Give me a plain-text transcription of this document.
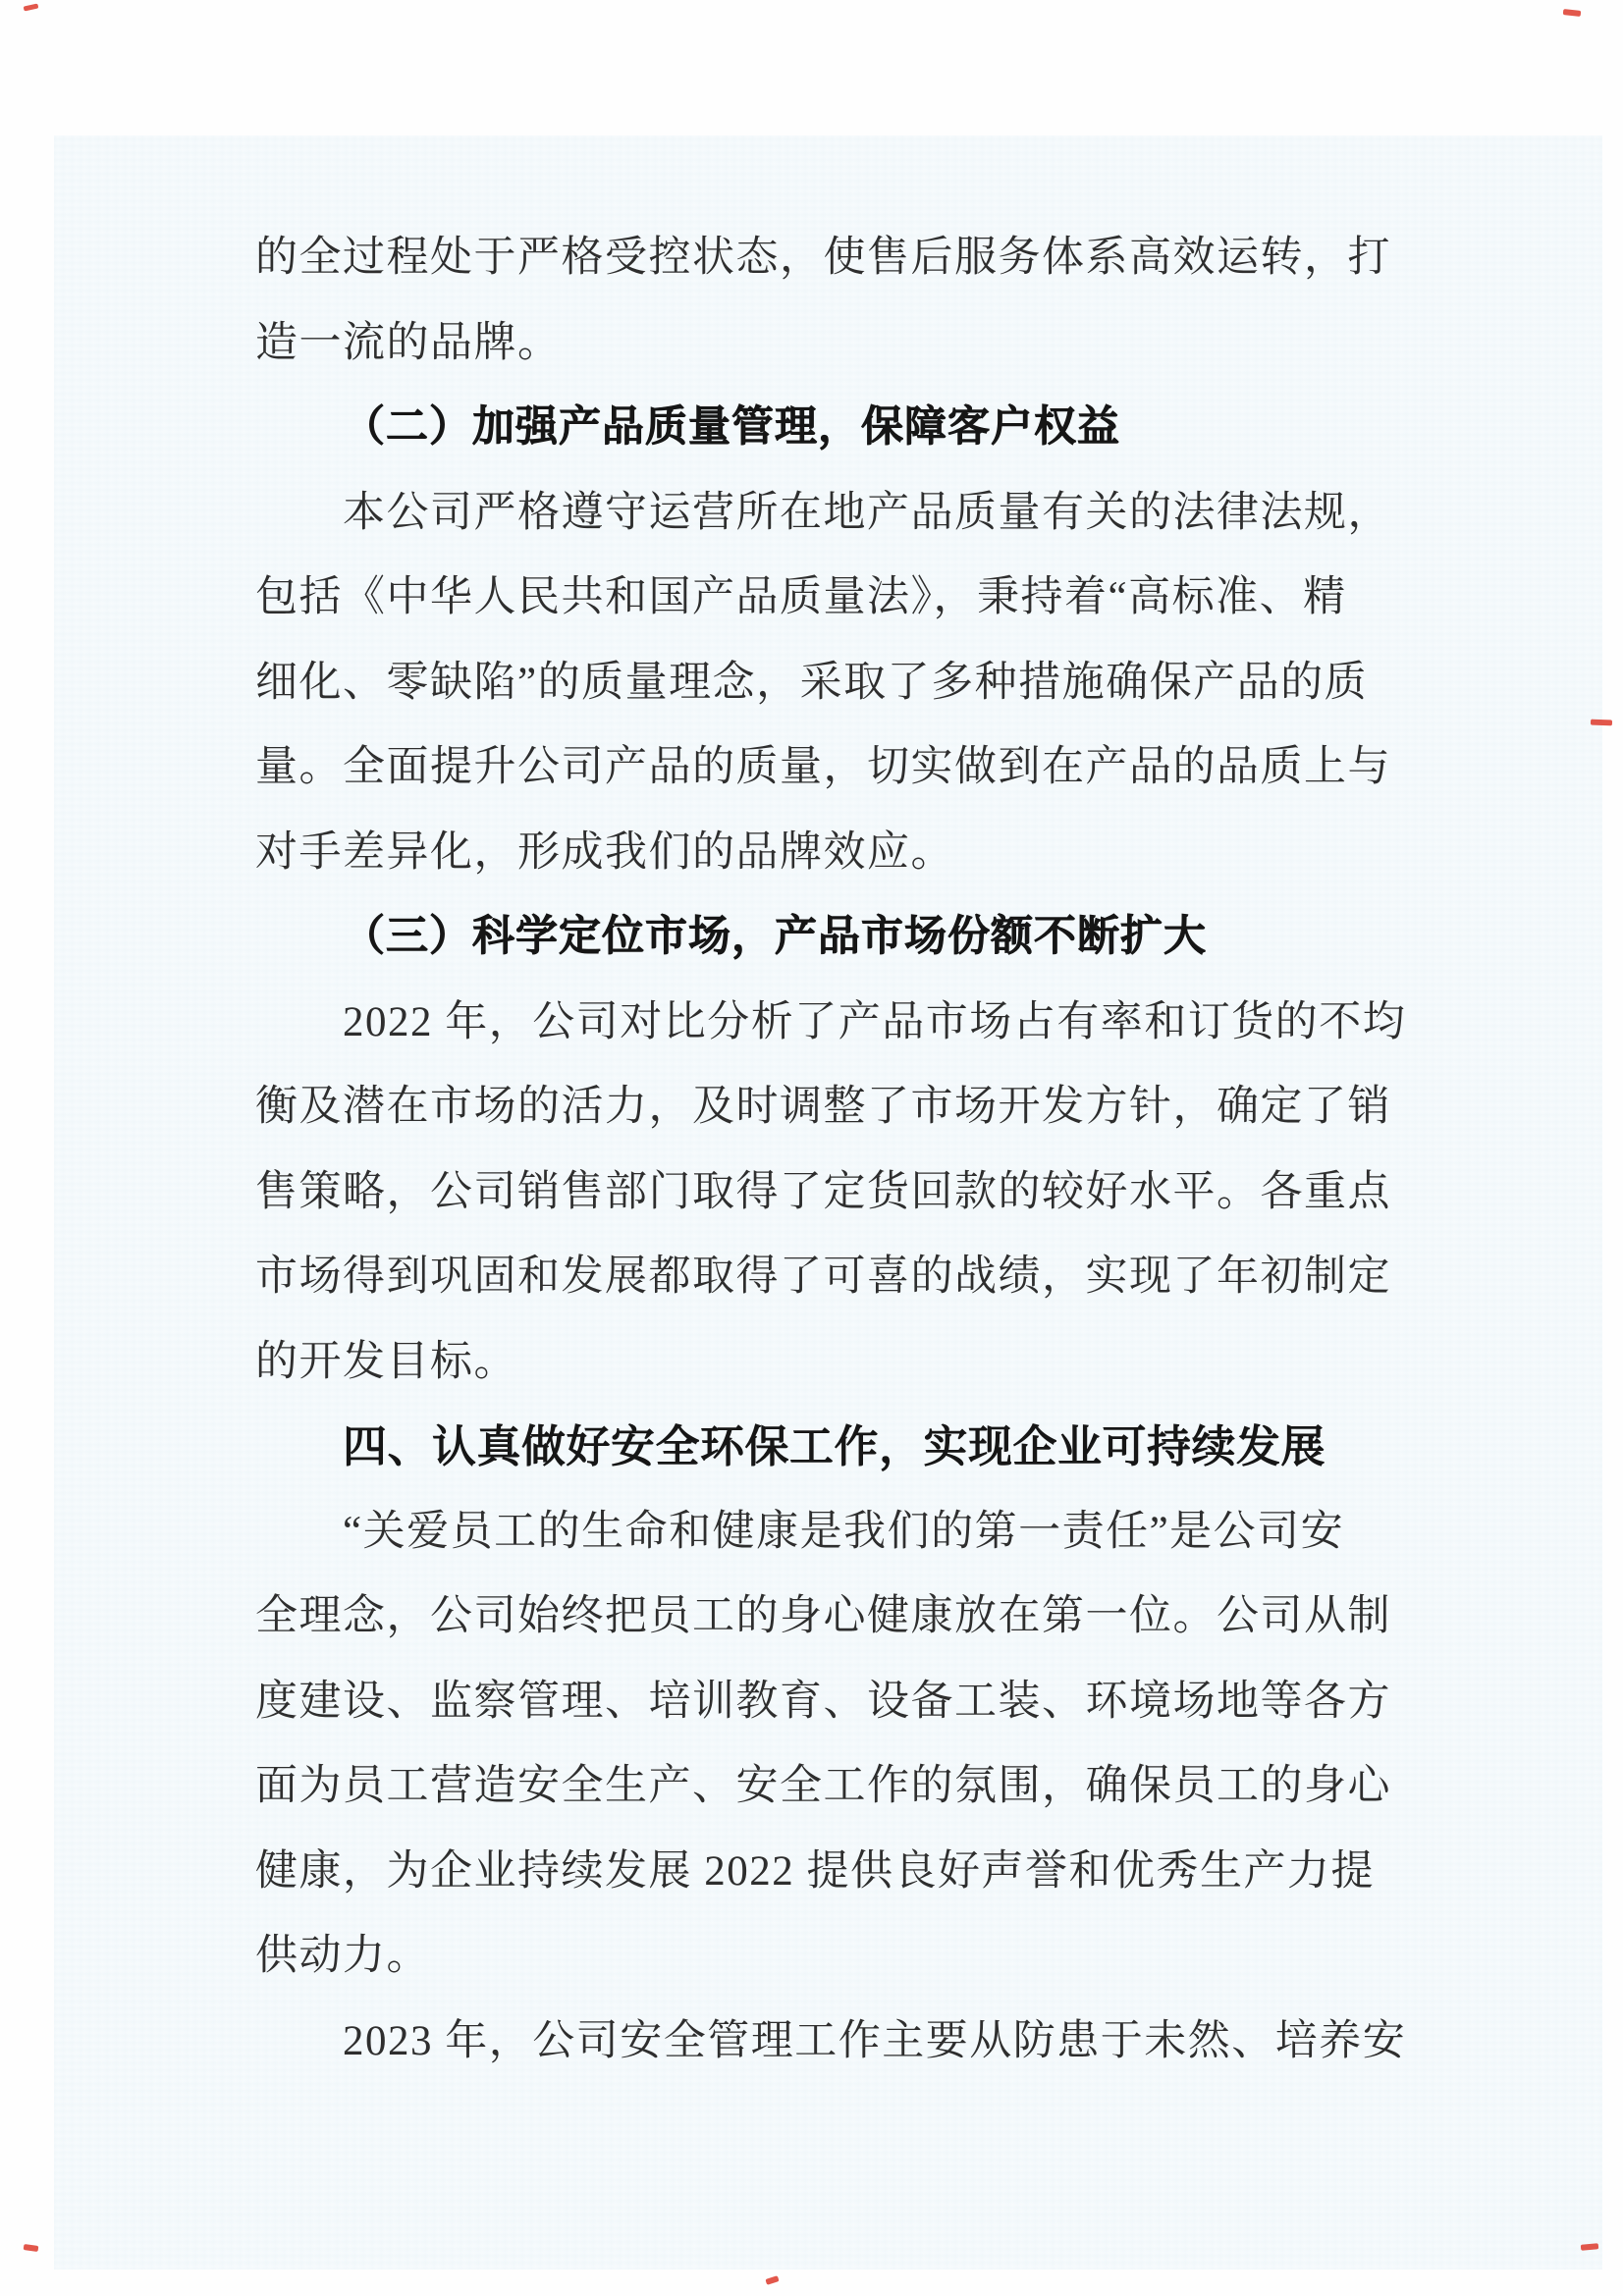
的全过程处于严格受控状态，使售后服务体系高效运转，打
造一流的品牌。
（二）加强产品质量管理，保障客户权益
本公司严格遵守运营所在地产品质量有关的法律法规，
包括《中华人民共和国产品质量法》，秉持着“高标准、精
细化、零缺陷”的质量理念，采取了多种措施确保产品的质
量。全面提升公司产品的质量，切实做到在产品的品质上与
对手差异化，形成我们的品牌效应。
（三）科学定位市场，产品市场份额不断扩大
2022 年，公司对比分析了产品市场占有率和订货的不均
衡及潜在市场的活力，及时调整了市场开发方针，确定了销
售策略，公司销售部门取得了定货回款的较好水平。各重点
市场得到巩固和发展都取得了可喜的战绩，实现了年初制定
的开发目标。
四、认真做好安全环保工作，实现企业可持续发展
“关爱员工的生命和健康是我们的第一责任”是公司安
全理念，公司始终把员工的身心健康放在第一位。公司从制
度建设、监察管理、培训教育、设备工装、环境场地等各方
面为员工营造安全生产、安全工作的氛围，确保员工的身心
健康，为企业持续发展 2022 提供良好声誉和优秀生产力提
供动力。
2023 年，公司安全管理工作主要从防患于未然、培养安
